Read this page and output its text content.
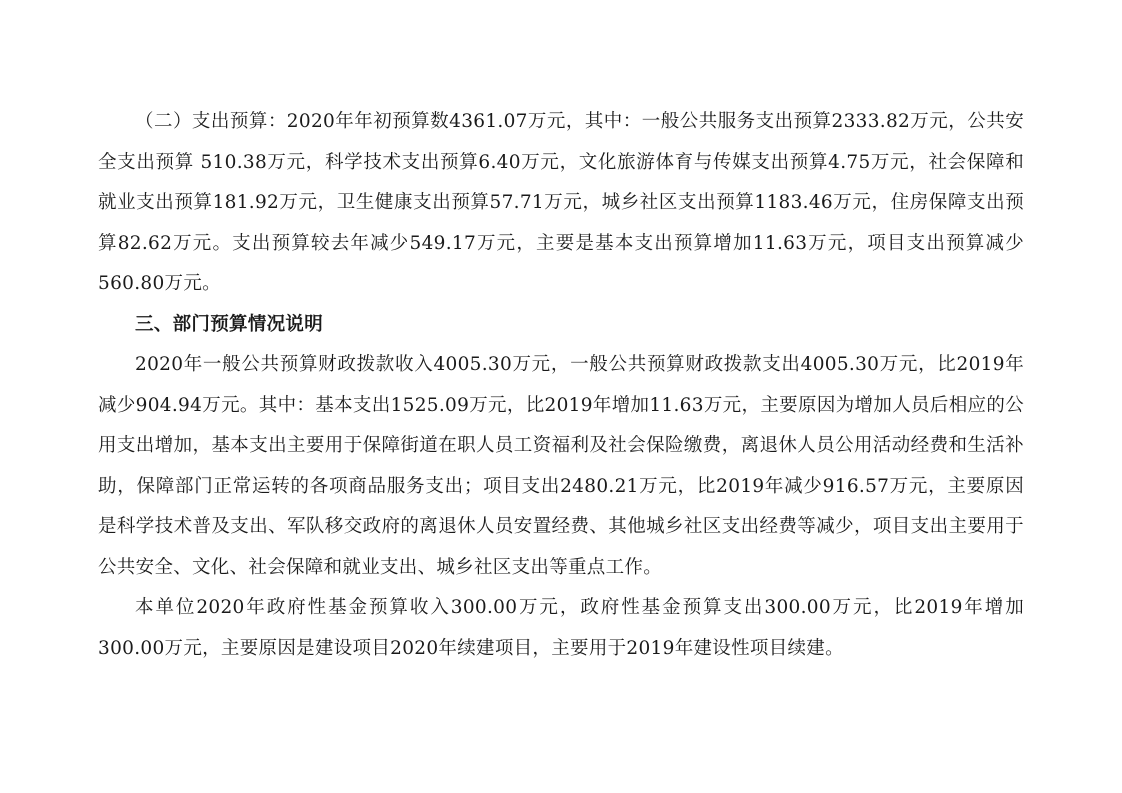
（二）支出预算：2020年年初预算数4361.07万元，其中：一般公共服务支出预算2333.82万元，公共安全支出预算 510.38万元，科学技术支出预算6.40万元，文化旅游体育与传媒支出预算4.75万元，社会保障和就业支出预算181.92万元，卫生健康支出预算57.71万元，城乡社区支出预算1183.46万元，住房保障支出预算82.62万元。支出预算较去年减少549.17万元，主要是基本支出预算增加11.63万元，项目支出预算减少560.80万元。

三、部门预算情况说明

2020年一般公共预算财政拨款收入4005.30万元，一般公共预算财政拨款支出4005.30万元，比2019年减少904.94万元。其中：基本支出1525.09万元，比2019年增加11.63万元，主要原因为增加人员后相应的公用支出增加，基本支出主要用于保障街道在职人员工资福利及社会保险缴费，离退休人员公用活动经费和生活补助，保障部门正常运转的各项商品服务支出；项目支出2480.21万元，比2019年减少916.57万元，主要原因是科学技术普及支出、军队移交政府的离退休人员安置经费、其他城乡社区支出经费等减少，项目支出主要用于公共安全、文化、社会保障和就业支出、城乡社区支出等重点工作。

本单位2020年政府性基金预算收入300.00万元，政府性基金预算支出300.00万元，比2019年增加300.00万元，主要原因是建设项目2020年续建项目，主要用于2019年建设性项目续建。
